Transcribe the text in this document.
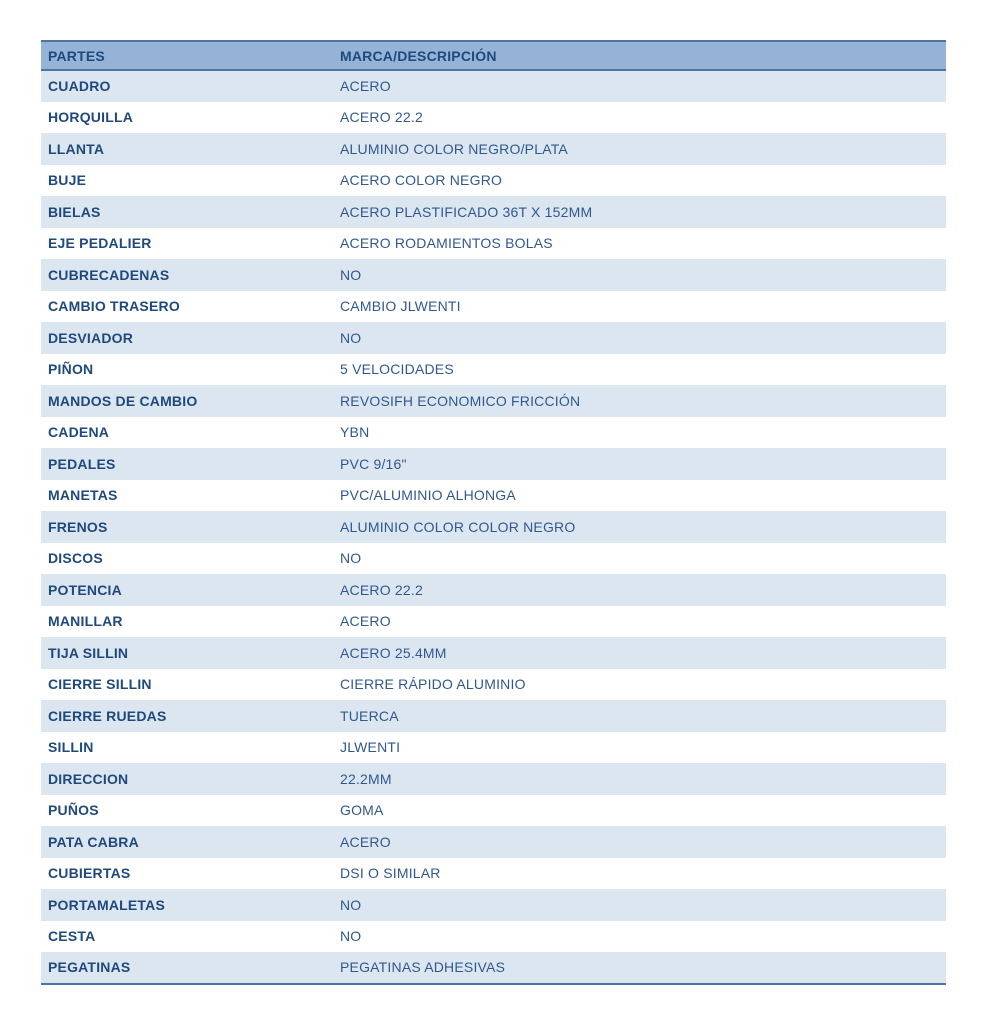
PARTES	MARCA/DESCRIPCIÓN
CUADRO	ACERO
HORQUILLA	ACERO 22.2
LLANTA	ALUMINIO COLOR NEGRO/PLATA
BUJE	ACERO COLOR NEGRO
BIELAS	ACERO PLASTIFICADO 36T X 152MM
EJE PEDALIER	ACERO RODAMIENTOS BOLAS
CUBRECADENAS	NO
CAMBIO TRASERO	CAMBIO JLWENTI
DESVIADOR	NO
PIÑON	5 VELOCIDADES
MANDOS DE CAMBIO	REVOSIFH ECONOMICO FRICCIÓN
CADENA	YBN
PEDALES	PVC 9/16"
MANETAS	PVC/ALUMINIO ALHONGA
FRENOS	ALUMINIO COLOR COLOR NEGRO
DISCOS	NO
POTENCIA	ACERO 22.2
MANILLAR	ACERO
TIJA SILLIN	ACERO 25.4MM
CIERRE SILLIN	CIERRE RÁPIDO ALUMINIO
CIERRE RUEDAS	TUERCA
SILLIN	JLWENTI
DIRECCION	22.2MM
PUÑOS	GOMA
PATA CABRA	ACERO
CUBIERTAS	DSI O SIMILAR
PORTAMALETAS	NO
CESTA	NO
PEGATINAS	PEGATINAS ADHESIVAS
